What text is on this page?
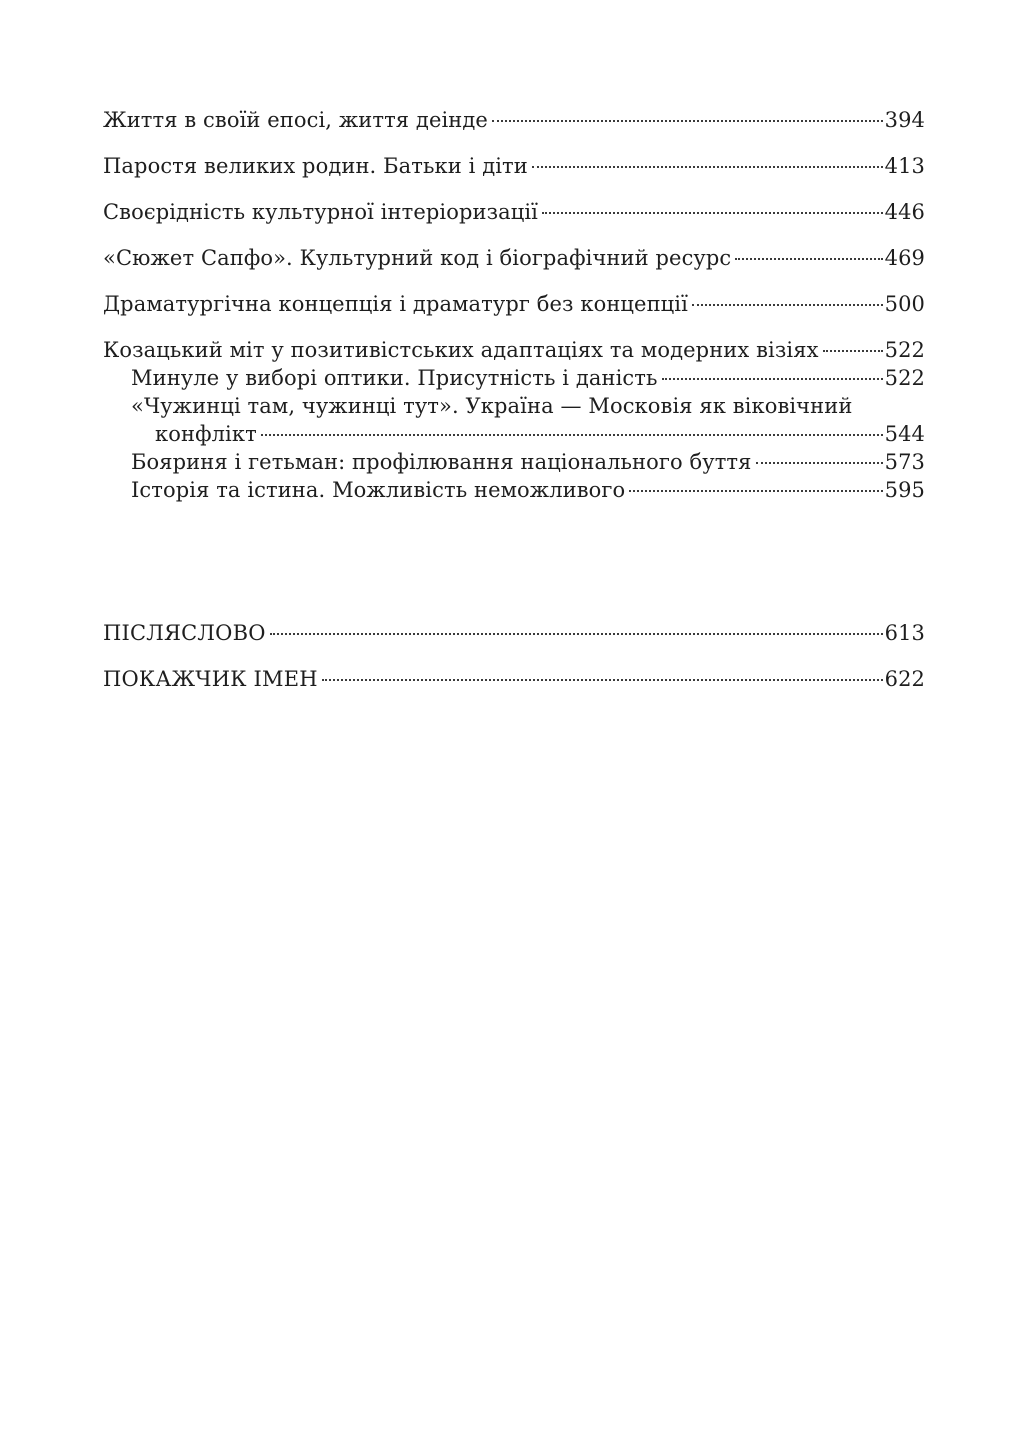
Життя в своїй епосі, життя деінде	394
Паростя великих родин. Батьки і діти	413
Своєрідність культурної інтеріоризації	446
«Сюжет Сапфо». Культурний код і біографічний ресурс	469
Драматургічна концепція і драматург без концепції	500
Козацький міт у позитивістських адаптаціях та модерних візіях	522
Минуле у виборі оптики. Присутність і даність	522
«Чужинці там, чужинці тут». Україна — Московія як віковічний
конфлікт	544
Бояриня і гетьман: профілювання національного буття	573
Історія та істина. Можливість неможливого	595
ПІСЛЯСЛОВО	613
ПОКАЖЧИК ІМЕН	622
